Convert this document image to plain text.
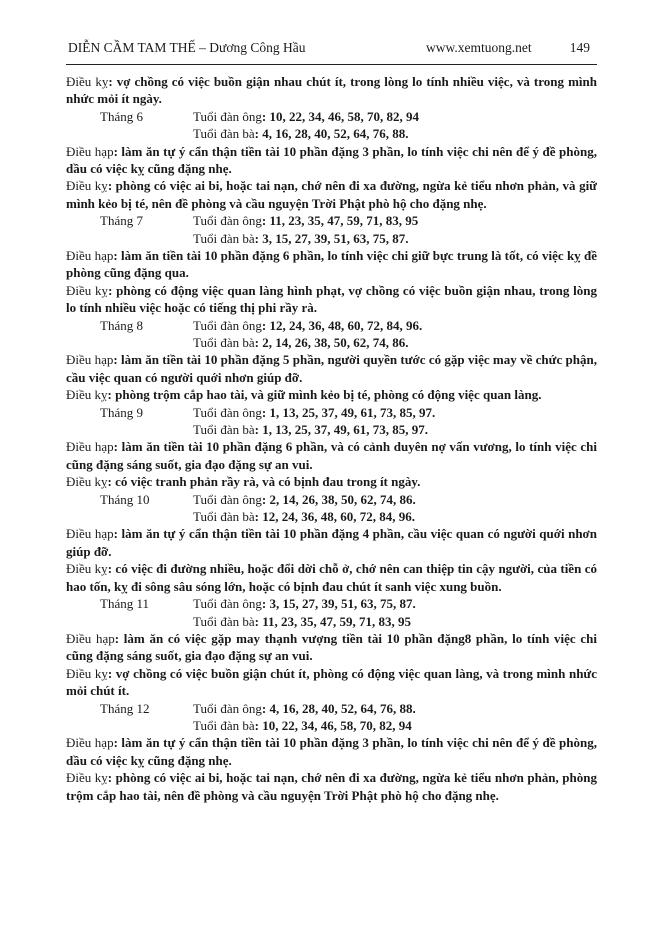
DIỄN CẦM TAM THẾ – Dương Công Hầu	www.xemtuong.net	149
Điều kỵ: vợ chồng có việc buồn giận nhau chút ít, trong lòng lo tính nhiều việc, và trong mình nhức mỏi ít ngày.
Tháng 6	Tuổi đàn ông: 10, 22, 34, 46, 58, 70, 82, 94
Tuổi đàn bà: 4, 16, 28, 40, 52, 64, 76, 88.
Điều hạp: làm ăn tự ý cẩn thận tiền tài 10 phần đặng 3 phần, lo tính việc chi nên để ý đề phòng, dầu có việc kỵ cũng đặng nhẹ.
Điều kỵ: phòng có việc ai bi, hoặc tai nạn, chớ nên đi xa đường, ngừa kẻ tiểu nhơn phản, và giữ mình kẻo bị té, nên đề phòng và cầu nguyện Trời Phật phò hộ cho đặng nhẹ.
Tháng 7	Tuổi đàn ông: 11, 23, 35, 47, 59, 71, 83, 95
Tuổi đàn bà: 3, 15, 27, 39, 51, 63, 75, 87.
Điều hạp: làm ăn tiền tài 10 phần đặng 6 phần, lo tính việc chi giữ bực trung là tốt, có việc kỵ đề phòng cũng đặng qua.
Điều kỵ: phòng có động việc quan làng hình phạt, vợ chồng có việc buồn giận nhau, trong lòng lo tính nhiều việc hoặc có tiếng thị phi rầy rà.
Tháng 8	Tuổi đàn ông: 12, 24, 36, 48, 60, 72, 84, 96.
Tuổi đàn bà: 2, 14, 26, 38, 50, 62, 74, 86.
Điều hạp: làm ăn tiền tài 10 phần đặng 5 phần, người quyền tước có gặp việc may về chức phận, cầu việc quan có người quới nhơn giúp đỡ.
Điều kỵ: phòng trộm cắp hao tài, và giữ mình kẻo bị té, phòng có động việc quan làng.
Tháng 9	Tuổi đàn ông: 1, 13, 25, 37, 49, 61, 73, 85, 97.
Tuổi đàn bà: 1, 13, 25, 37, 49, 61, 73, 85, 97.
Điều hạp: làm ăn tiền tài 10 phần đặng 6 phần, và có cảnh duyên nợ vấn vương, lo tính việc chi cũng đặng sáng suốt, gia đạo đặng sự an vui.
Điều kỵ: có việc tranh phản rầy rà, và có bịnh đau trong ít ngày.
Tháng 10	Tuổi đàn ông: 2, 14, 26, 38, 50, 62, 74, 86.
Tuổi đàn bà: 12, 24, 36, 48, 60, 72, 84, 96.
Điều hạp: làm ăn tự ý cẩn thận tiền tài 10 phần đặng 4 phần, cầu việc quan có người quới nhơn giúp đỡ.
Điều kỵ: có việc đi đường nhiều, hoặc đổi dời chỗ ở, chớ nên can thiệp tin cậy người, của tiền có hao tốn, kỵ đi sông sâu sóng lớn, hoặc có bịnh đau chút ít sanh việc xung buồn.
Tháng 11	Tuổi đàn ông: 3, 15, 27, 39, 51, 63, 75, 87.
Tuổi đàn bà: 11, 23, 35, 47, 59, 71, 83, 95
Điều hạp: làm ăn có việc gặp may thạnh vượng tiền tài 10 phần đặng8 phần, lo tính việc chi cũng đặng sáng suốt, gia đạo đặng sự an vui.
Điều kỵ: vợ chồng có việc buồn giận chút ít, phòng có động việc quan làng, và trong mình nhức mỏi chút ít.
Tháng 12	Tuổi đàn ông: 4, 16, 28, 40, 52, 64, 76, 88.
Tuổi đàn bà: 10, 22, 34, 46, 58, 70, 82, 94
Điều hạp: làm ăn tự ý cẩn thận tiền tài 10 phần đặng 3 phần, lo tính việc chi nên để ý đề phòng, dầu có việc kỵ cũng đặng nhẹ.
Điều kỵ: phòng có việc ai bi, hoặc tai nạn, chớ nên đi xa đường, ngừa kẻ tiểu nhơn phản, phòng trộm cắp hao tài, nên đề phòng và cầu nguyện Trời Phật phò hộ cho đặng nhẹ.
